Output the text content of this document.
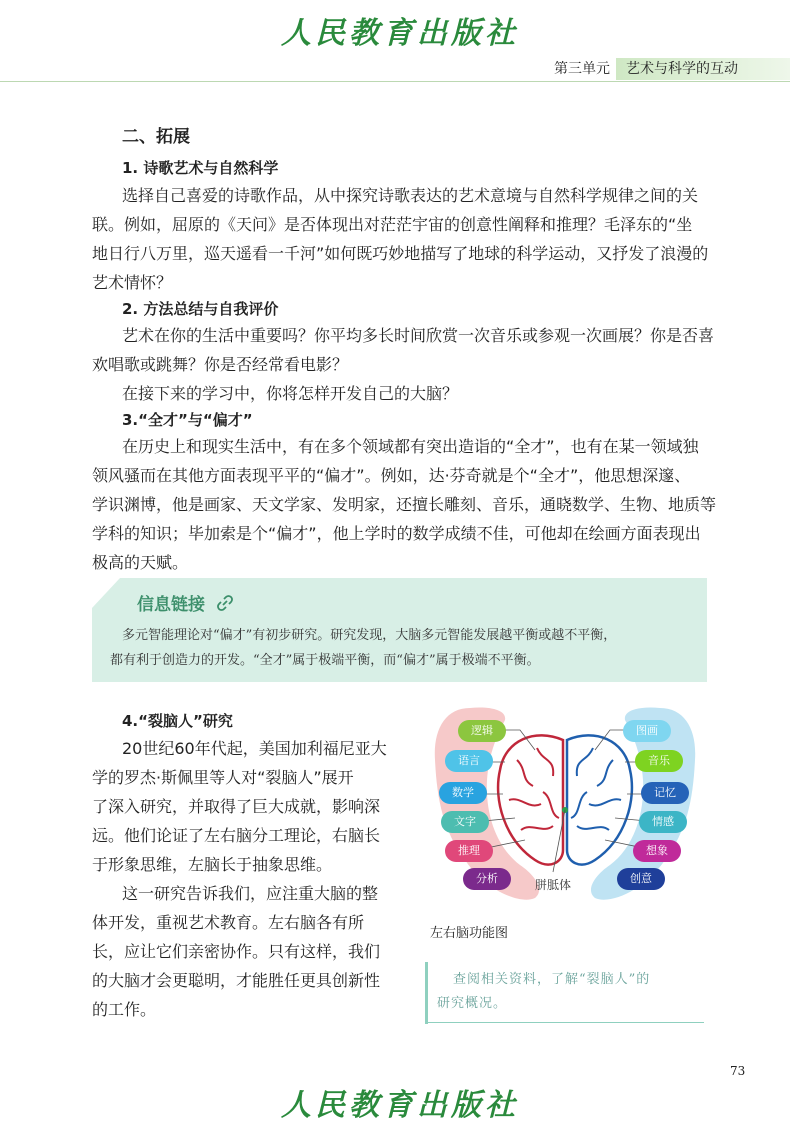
人民教育出版社
第三单元	艺术与科学的互动
二、拓展
1. 诗歌艺术与自然科学
选择自己喜爱的诗歌作品，从中探究诗歌表达的艺术意境与自然科学规律之间的关
联。例如，屈原的《天问》是否体现出对茫茫宇宙的创意性阐释和推理？毛泽东的“坐
地日行八万里，巡天遥看一千河”如何既巧妙地描写了地球的科学运动，又抒发了浪漫的
艺术情怀？
2. 方法总结与自我评价
艺术在你的生活中重要吗？你平均多长时间欣赏一次音乐或参观一次画展？你是否喜
欢唱歌或跳舞？你是否经常看电影？
在接下来的学习中，你将怎样开发自己的大脑？
3.“全才”与“偏才”
在历史上和现实生活中，有在多个领域都有突出造诣的“全才”，也有在某一领域独
领风骚而在其他方面表现平平的“偏才”。例如，达·芬奇就是个“全才”，他思想深邃、
学识渊博，他是画家、天文学家、发明家，还擅长雕刻、音乐，通晓数学、生物、地质等
学科的知识；毕加索是个“偏才”，他上学时的数学成绩不佳，可他却在绘画方面表现出
极高的天赋。
信息链接
多元智能理论对“偏才”有初步研究。研究发现，大脑多元智能发展越平衡或越不平衡，
都有利于创造力的开发。“全才”属于极端平衡，而“偏才”属于极端不平衡。
4.“裂脑人”研究
20世纪60年代起，美国加利福尼亚大
学的罗杰·斯佩里等人对“裂脑人”展开
了深入研究，并取得了巨大成就，影响深
远。他们论证了左右脑分工理论，右脑长
于形象思维，左脑长于抽象思维。
这一研究告诉我们，应注重大脑的整
体开发，重视艺术教育。左右脑各有所
长，应让它们亲密协作。只有这样，我们
的大脑才会更聪明，才能胜任更具创新性
的工作。
逻辑
语言
数学
文字
推理
分析
图画
音乐
记忆
情感
想象
创意
胼胝体
左右脑功能图
查阅相关资料，了解“裂脑人”的
研究概况。
73
人民教育出版社
